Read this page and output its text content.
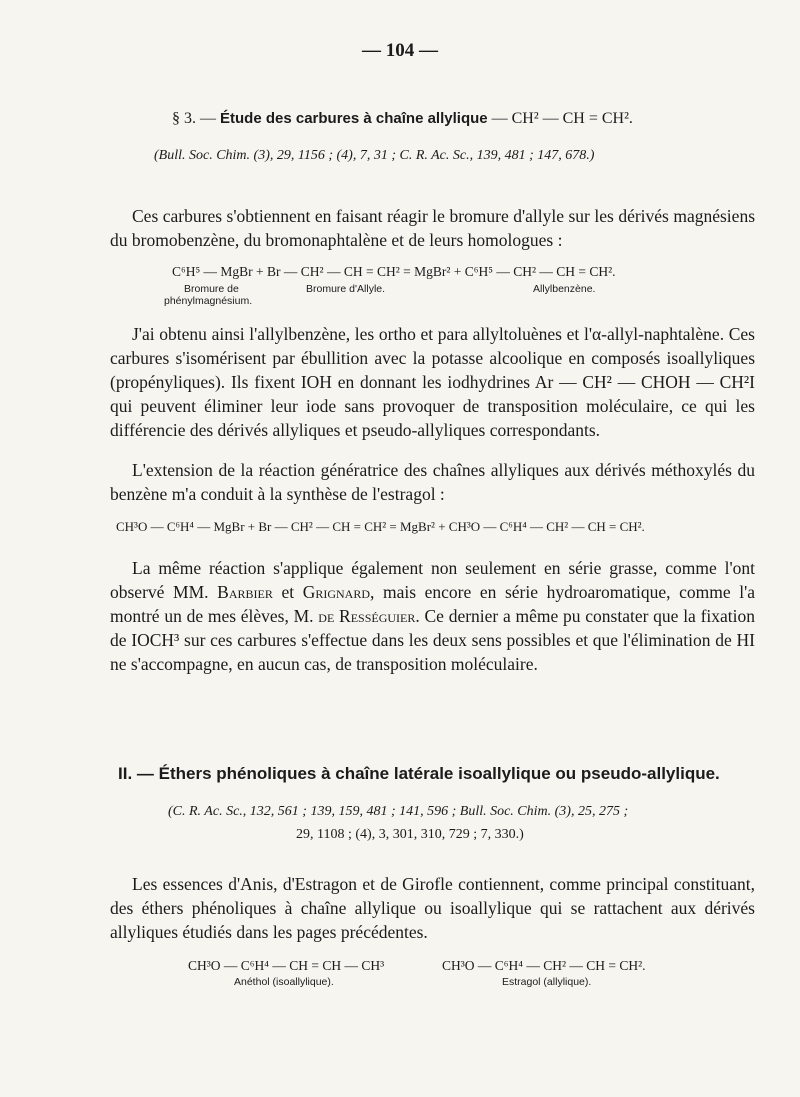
— 104 —
§ 3. — Étude des carbures à chaîne allylique — CH² — CH = CH².
(Bull. Soc. Chim. (3), 29, 1156 ; (4), 7, 31 ; C. R. Ac. Sc., 139, 481 ; 147, 678.)
Ces carbures s'obtiennent en faisant réagir le bromure d'allyle sur les dérivés magnésiens du bromobenzène, du bromonaphtalène et de leurs homologues :
C⁶H⁵ — MgBr + Br — CH² — CH = CH² = MgBr² + C⁶H⁵ — CH² — CH = CH².
Bromure de
phénylmagnésium.
Bromure d'Allyle.	Allylbenzène.
J'ai obtenu ainsi l'allylbenzène, les ortho et para allyltoluènes et l'α-allyl-naphtalène. Ces carbures s'isomérisent par ébullition avec la potasse alcoolique en composés isoallyliques (propényliques). Ils fixent IOH en donnant les iodhydrines Ar — CH² — CHOH — CH²I qui peuvent éliminer leur iode sans provoquer de transposition moléculaire, ce qui les différencie des dérivés allyliques et pseudo-allyliques correspondants.
L'extension de la réaction génératrice des chaînes allyliques aux dérivés méthoxylés du benzène m'a conduit à la synthèse de l'estragol :
CH³O — C⁶H⁴ — MgBr + Br — CH² — CH = CH² = MgBr² + CH³O — C⁶H⁴ — CH² — CH = CH².
La même réaction s'applique également non seulement en série grasse, comme l'ont observé MM. Barbier et Grignard, mais encore en série hydroaromatique, comme l'a montré un de mes élèves, M. de Rességuier. Ce dernier a même pu constater que la fixation de IOCH³ sur ces carbures s'effectue dans les deux sens possibles et que l'élimination de HI ne s'accompagne, en aucun cas, de transposition moléculaire.
II. — Éthers phénoliques à chaîne latérale isoallylique ou pseudo-allylique.
(C. R. Ac. Sc., 132, 561 ; 139, 159, 481 ; 141, 596 ; Bull. Soc. Chim. (3), 25, 275 ;
29, 1108 ; (4), 3, 301, 310, 729 ; 7, 330.)
Les essences d'Anis, d'Estragon et de Girofle contiennent, comme principal constituant, des éthers phénoliques à chaîne allylique ou isoallylique qui se rattachent aux dérivés allyliques étudiés dans les pages précédentes.
CH³O — C⁶H⁴ — CH = CH — CH³
Anéthol (isoallylique).
CH³O — C⁶H⁴ — CH² — CH = CH².
Estragol (allylique).
